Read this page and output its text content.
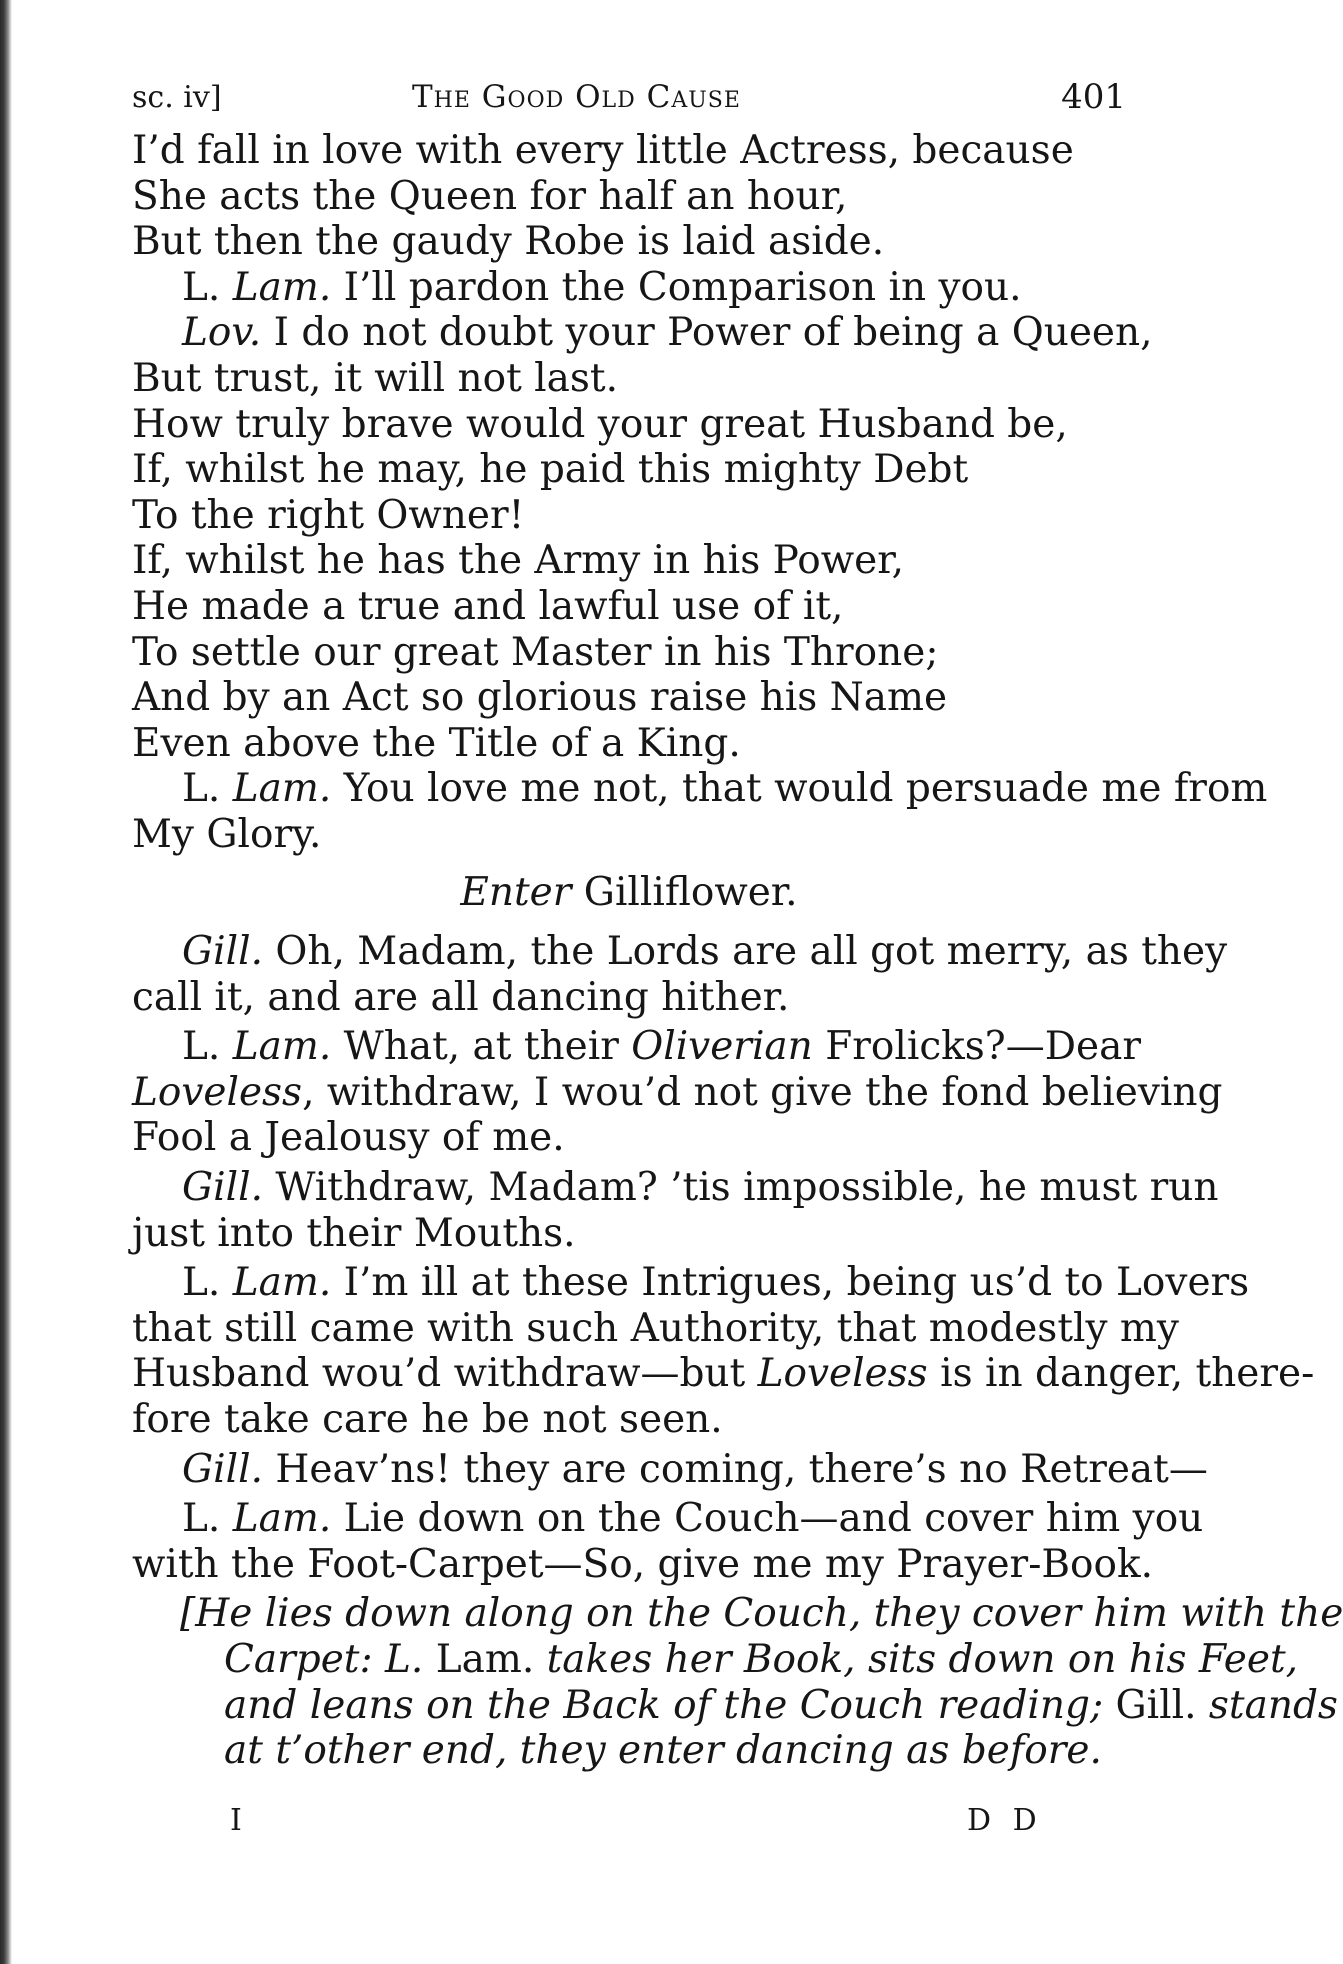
sc. iv]	The Good Old Cause	401
I’d fall in love with every little Actress, because
She acts the Queen for half an hour,
But then the gaudy Robe is laid aside.
L. Lam. I’ll pardon the Comparison in you.
Lov. I do not doubt your Power of being a Queen,
But trust, it will not last.
How truly brave would your great Husband be,
If, whilst he may, he paid this mighty Debt
To the right Owner!
If, whilst he has the Army in his Power,
He made a true and lawful use of it,
To settle our great Master in his Throne;
And by an Act so glorious raise his Name
Even above the Title of a King.
L. Lam. You love me not, that would persuade me from
My Glory.
Enter Gilliflower.
Gill. Oh, Madam, the Lords are all got merry, as they
call it, and are all dancing hither.
L. Lam. What, at their Oliverian Frolicks?—Dear
Loveless, withdraw, I wou’d not give the fond believing
Fool a Jealousy of me.
Gill. Withdraw, Madam? ’tis impossible, he must run
just into their Mouths.
L. Lam. I’m ill at these Intrigues, being us’d to Lovers
that still came with such Authority, that modestly my
Husband wou’d withdraw—but Loveless is in danger, there-
fore take care he be not seen.
Gill. Heav’ns! they are coming, there’s no Retreat—
L. Lam. Lie down on the Couch—and cover him you
with the Foot-Carpet—So, give me my Prayer-Book.
[He lies down along on the Couch, they cover him with the
Carpet: L. Lam. takes her Book, sits down on his Feet,
and leans on the Back of the Couch reading; Gill. stands
at t’other end, they enter dancing as before.
I	D D
